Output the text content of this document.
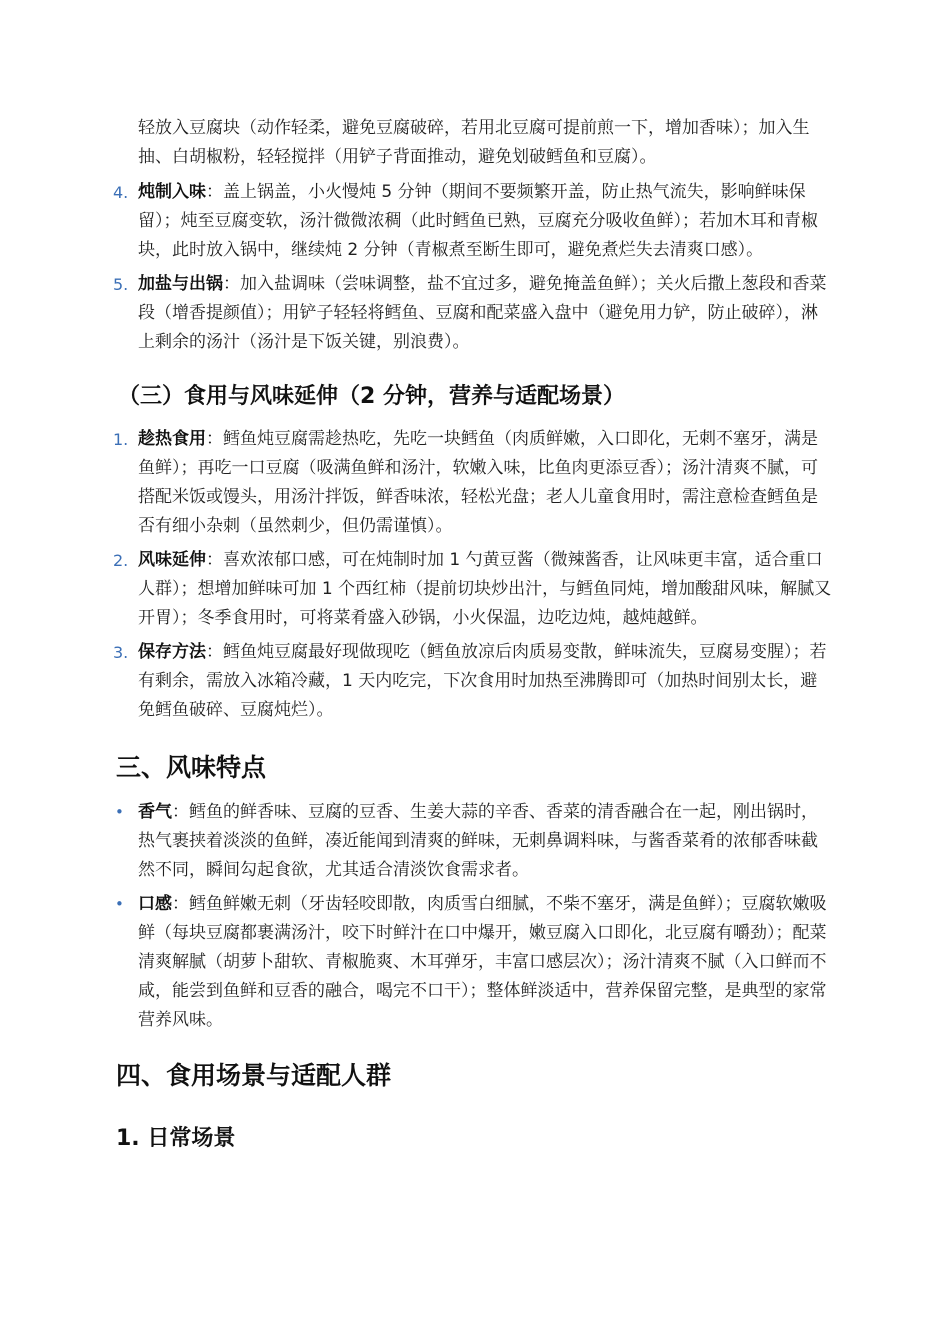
轻放入豆腐块（动作轻柔，避免豆腐破碎，若用北豆腐可提前煎一下，增加香味）；加入生抽、白胡椒粉，轻轻搅拌（用铲子背面推动，避免划破鳕鱼和豆腐）。
4. 炖制入味：盖上锅盖，小火慢炖 5 分钟（期间不要频繁开盖，防止热气流失，影响鲜味保留）；炖至豆腐变软，汤汁微微浓稠（此时鳕鱼已熟，豆腐充分吸收鱼鲜）；若加木耳和青椒块，此时放入锅中，继续炖 2 分钟（青椒煮至断生即可，避免煮烂失去清爽口感）。
5. 加盐与出锅：加入盐调味（尝味调整，盐不宜过多，避免掩盖鱼鲜）；关火后撒上葱段和香菜段（增香提颜值）；用铲子轻轻将鳕鱼、豆腐和配菜盛入盘中（避免用力铲，防止破碎），淋上剩余的汤汁（汤汁是下饭关键，别浪费）。
（三）食用与风味延伸（2 分钟，营养与适配场景）
1. 趁热食用：鳕鱼炖豆腐需趁热吃，先吃一块鳕鱼（肉质鲜嫩，入口即化，无刺不塞牙，满是鱼鲜）；再吃一口豆腐（吸满鱼鲜和汤汁，软嫩入味，比鱼肉更添豆香）；汤汁清爽不腻，可搭配米饭或馒头，用汤汁拌饭，鲜香味浓，轻松光盘；老人儿童食用时，需注意检查鳕鱼是否有细小杂刺（虽然刺少，但仍需谨慎）。
2. 风味延伸：喜欢浓郁口感，可在炖制时加 1 勺黄豆酱（微辣酱香，让风味更丰富，适合重口人群）；想增加鲜味可加 1 个西红柿（提前切块炒出汁，与鳕鱼同炖，增加酸甜风味，解腻又开胃）；冬季食用时，可将菜肴盛入砂锅，小火保温，边吃边炖，越炖越鲜。
3. 保存方法：鳕鱼炖豆腐最好现做现吃（鳕鱼放凉后肉质易变散，鲜味流失，豆腐易变腥）；若有剩余，需放入冰箱冷藏，1 天内吃完，下次食用时加热至沸腾即可（加热时间别太长，避免鳕鱼破碎、豆腐炖烂）。
三、风味特点
• 香气：鳕鱼的鲜香味、豆腐的豆香、生姜大蒜的辛香、香菜的清香融合在一起，刚出锅时，热气裹挟着淡淡的鱼鲜，凑近能闻到清爽的鲜味，无刺鼻调料味，与酱香菜肴的浓郁香味截然不同，瞬间勾起食欲，尤其适合清淡饮食需求者。
• 口感：鳕鱼鲜嫩无刺（牙齿轻咬即散，肉质雪白细腻，不柴不塞牙，满是鱼鲜）；豆腐软嫩吸鲜（每块豆腐都裹满汤汁，咬下时鲜汁在口中爆开，嫩豆腐入口即化，北豆腐有嚼劲）；配菜清爽解腻（胡萝卜甜软、青椒脆爽、木耳弹牙，丰富口感层次）；汤汁清爽不腻（入口鲜而不咸，能尝到鱼鲜和豆香的融合，喝完不口干）；整体鲜淡适中，营养保留完整，是典型的家常营养风味。
四、食用场景与适配人群
1. 日常场景
